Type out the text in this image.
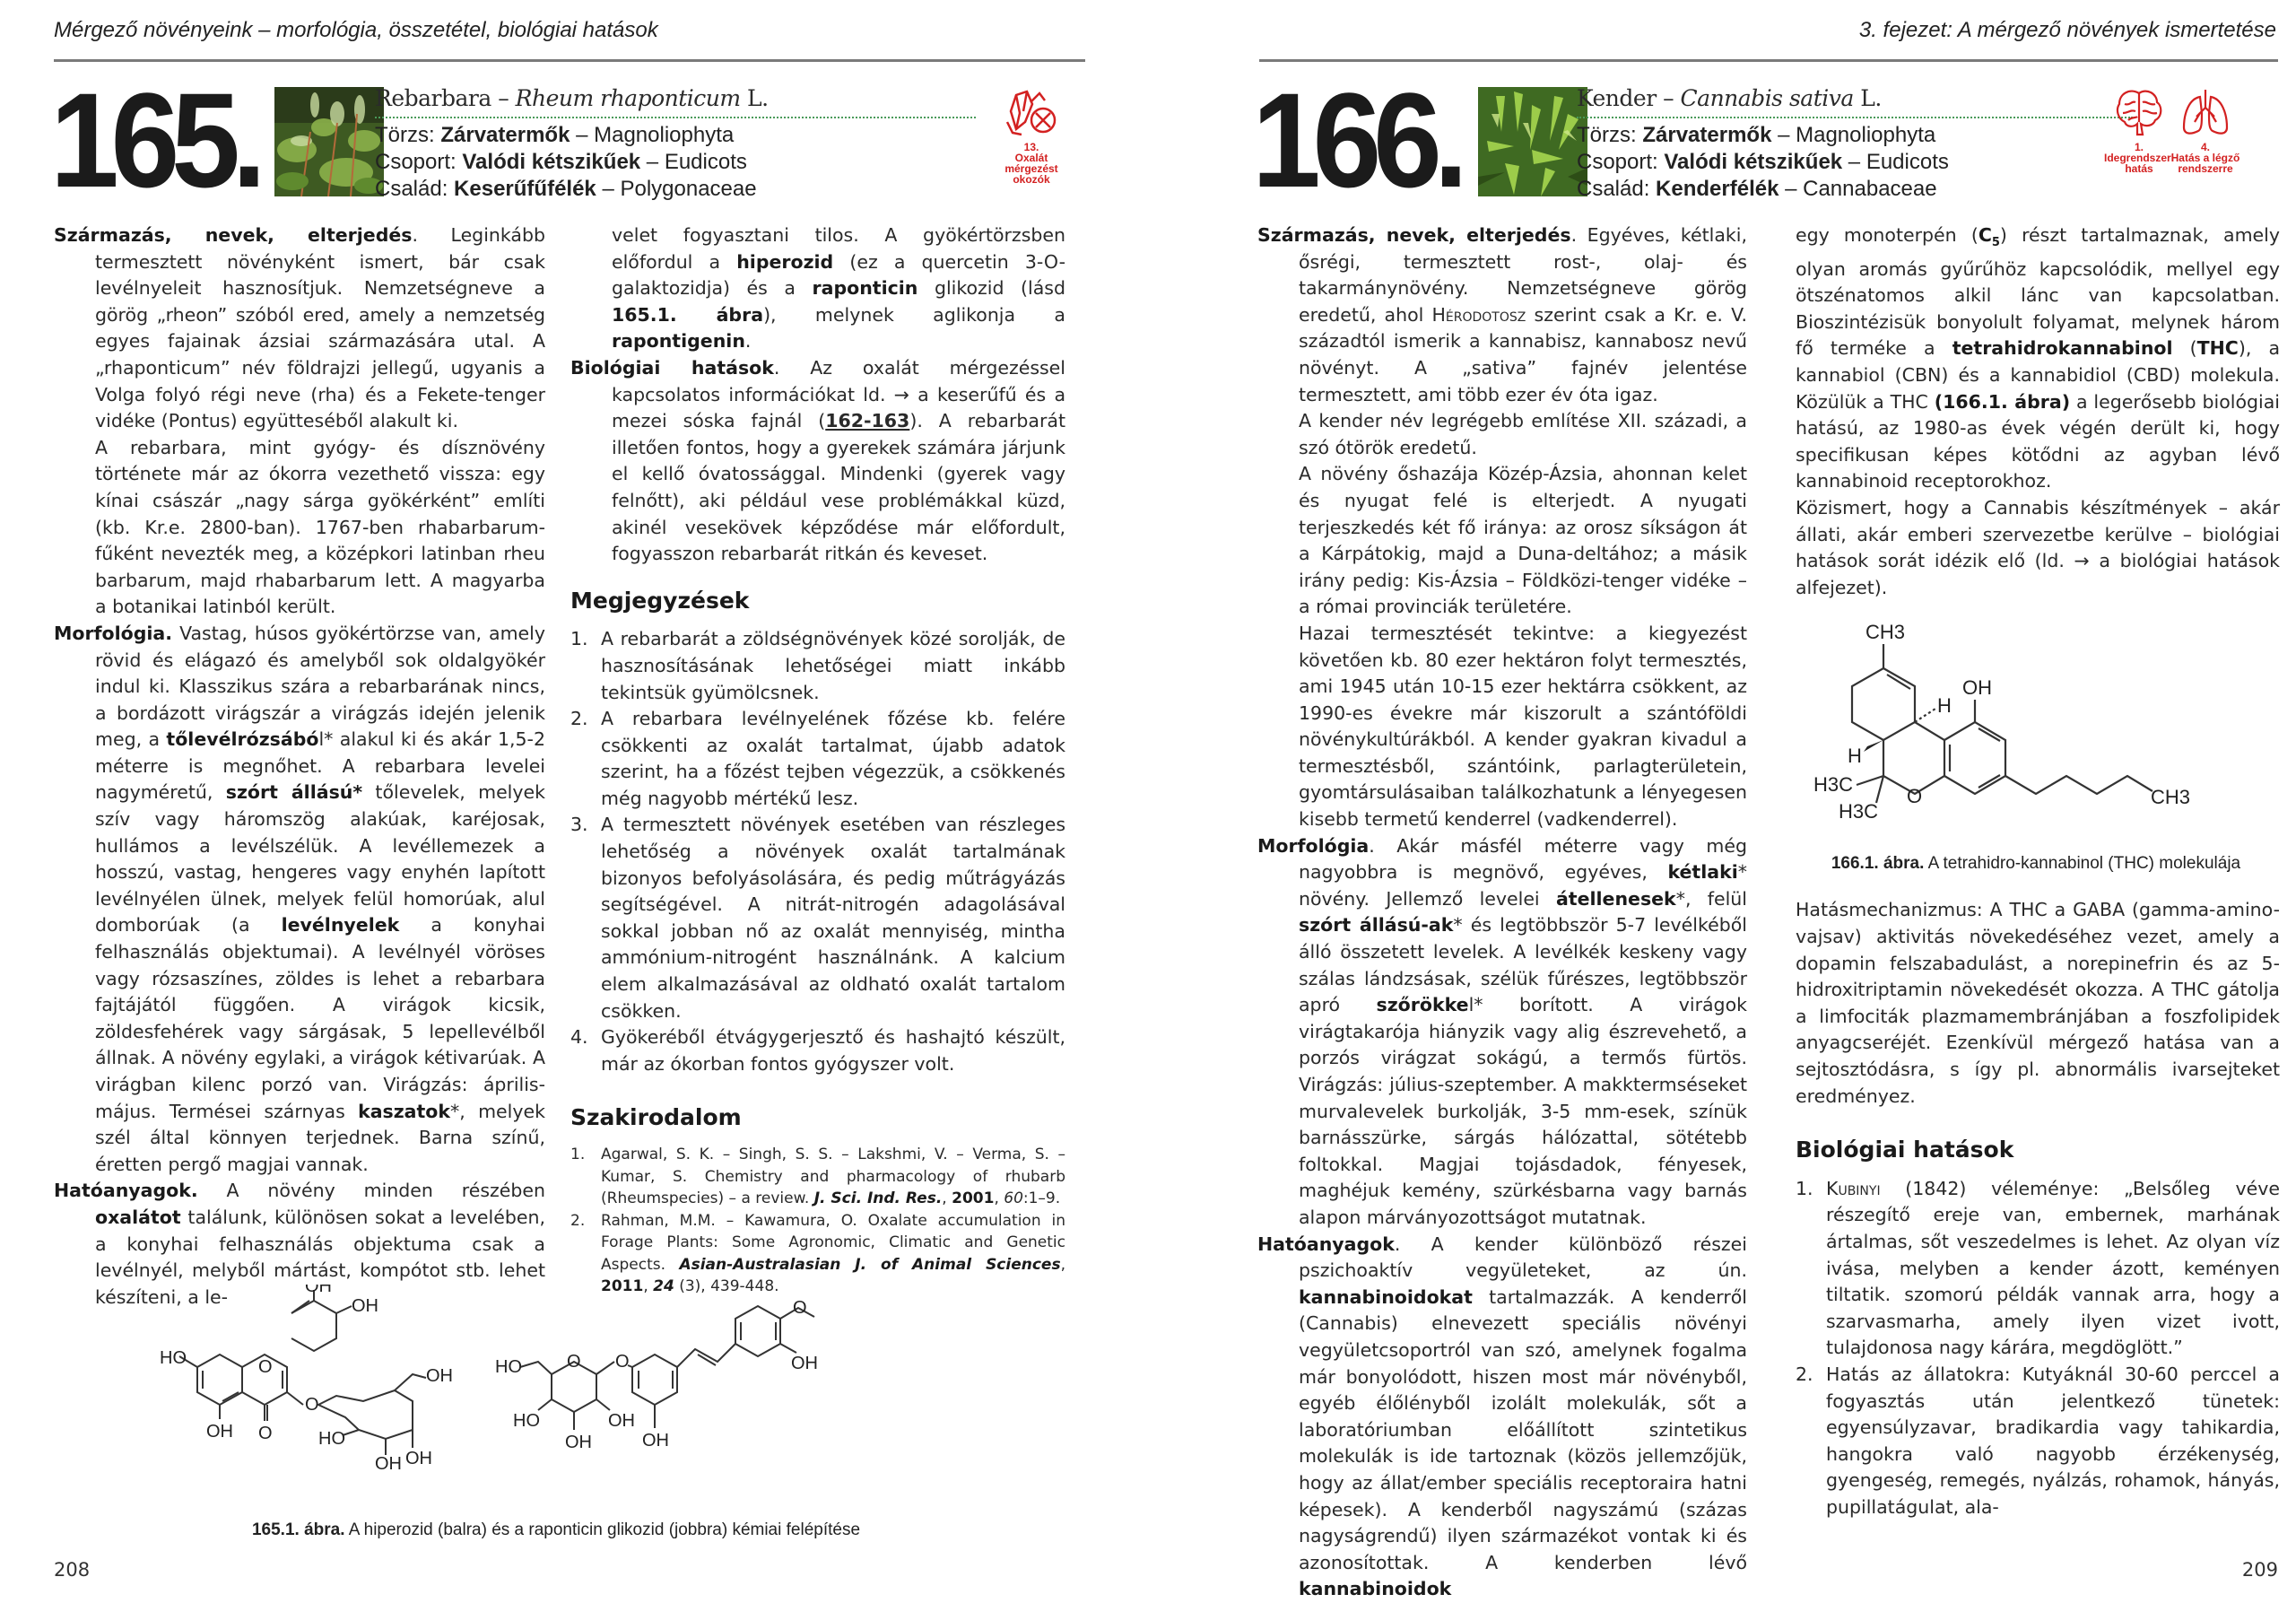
Mérgező növényeink – morfológia, összetétel, biológiai hatások
165.	Rebarbara – Rheum rhaponticum L.
Törzs: Zárvatermők – Magnoliophyta
Csoport: Valódi kétszikűek – Eudicots
Család: Keserűfűfélék – Polygonaceae
13.
Oxalát mérgezést okozók

Származás, nevek, elterjedés. Leginkább termesztett növényként ismert, bár csak levélnyeleit hasznosítjuk. Nemzetségneve a görög „rheon” szóból ered, amely a nemzetség egyes fajainak ázsiai származására utal. A „rhaponticum” név földrajzi jellegű, ugyanis a Volga folyó régi neve (rha) és a Fekete-tenger vidéke (Pontus) együtteséből alakult ki.

A rebarbara, mint gyógy- és dísznövény története már az ókorra vezethető vissza: egy kínai császár „nagy sárga gyökérként” említi (kb. Kr.e. 2800-ban). 1767-ben rhabarbarum-fűként nevezték meg, a középkori latinban rheu barbarum, majd rhabarbarum lett. A magyarba a botanikai latinból került.

Morfológia. Vastag, húsos gyökértörzse van, amely rövid és elágazó és amelyből sok oldalgyökér indul ki. Klasszikus szára a rebarbarának nincs, a bordázott virágszár a virágzás idején jelenik meg, a tőlevélrózsából* alakul ki és akár 1,5-2 méterre is megnőhet. A rebarbara levelei nagyméretű, szórt állású* tőlevelek, melyek szív vagy háromszög alakúak, karéjosak, hullámos a levélszélük. A levéllemezek a hosszú, vastag, hengeres vagy enyhén lapított levélnyélen ülnek, melyek felül homorúak, alul domborúak (a levélnyelek a konyhai felhasználás objektumai). A levélnyél vöröses vagy rózsaszínes, zöldes is lehet a rebarbara fajtájától függően. A virágok kicsik, zöldesfehérek vagy sárgásak, 5 lepellevélből állnak. A növény egylaki, a virágok kétivarúak. A virágban kilenc porzó van. Virágzás: április-május. Termései szárnyas kaszatok*, melyek szél által könnyen terjednek. Barna színű, éretten pergő magjai vannak.

Hatóanyagok. A növény minden részében oxalátot találunk, különösen sokat a levelében, a konyhai felhasználás objektuma csak a levélnyél, melyből mártást, kompótot stb. lehet készíteni, a le-

velet fogyasztani tilos. A gyökértörzsben előfordul a hiperozid (ez a quercetin 3-O-galaktozidja) és a raponticin glikozid (lásd 165.1. ábra), melynek aglikonja a rapontigenin.

Biológiai hatások. Az oxalát mérgezéssel kapcsolatos információkat ld. → a keserűfű és a mezei sóska fajnál (162-163). A rebarbarát illetően fontos, hogy a gyerekek számára járjunk el kellő óvatossággal. Mindenki (gyerek vagy felnőtt), aki például vese problémákkal küzd, akinél vesekövek képződése már előfordult, fogyasszon rebarbarát ritkán és keveset.

Megjegyzések
1. A rebarbarát a zöldségnövények közé sorolják, de hasznosításának lehetőségei miatt inkább tekintsük gyümölcsnek.
2. A rebarbara levélnyelének főzése kb. felére csökkenti az oxalát tartalmat, újabb adatok szerint, ha a főzést tejben végezzük, a csökkenés még nagyobb mértékű lesz.
3. A termesztett növények esetében van részleges lehetőség a növények oxalát tartalmának bizonyos befolyásolására, és pedig műtrágyázás segítségével. A nitrát-nitrogén adagolásával sokkal jobban nő az oxalát mennyiség, mintha ammónium-nitrogént használnánk. A kalcium elem alkalmazásával az oldható oxalát tartalom csökken.
4. Gyökeréből étvágygerjesztő és hashajtó készült, már az ókorban fontos gyógyszer volt.
Szakirodalom
1. Agarwal, S. K. – Singh, S. S. – Lakshmi, V. – Verma, S. – Kumar, S. Chemistry and pharmacology of rhubarb (Rheumspecies) – a review. J. Sci. Ind. Res., 2001, 60:1–9.
2. Rahman, M.M. – Kawamura, O. Oxalate accumulation in Forage Plants: Some Agronomic, Climatic and Genetic Aspects. Asian-Australasian J. of Animal Sciences, 2011, 24 (3), 439-448.
HO
OH O
O
OH
OH
O
OH
HO
OH OH
HO
HO
OH
OH
O O
OH
OH
O
165.1. ábra. A hiperozid (balra) és a raponticin glikozid (jobbra) kémiai felépítése
208
3. fejezet: A mérgező növények ismertetése
166.	Kender – Cannabis sativa L.
Törzs: Zárvatermők – Magnoliophyta
Csoport: Valódi kétszikűek – Eudicots
Család: Kenderfélék – Cannabaceae
1.
Idegrendszeri hatás
4.
Hatás a légző rendszerre

Származás, nevek, elterjedés. Egyéves, kétlaki, ősrégi, termesztett rost-, olaj- és takarmánynövény. Nemzetségneve görög eredetű, ahol Hérodotosz szerint csak a Kr. e. V. századtól ismerik a kannabisz, kannabosz nevű növényt. A „sativa” fajnév jelentése termesztett, ami több ezer év óta igaz.

A kender név legrégebb említése XII. századi, a szó ótörök eredetű.

A növény őshazája Közép-Ázsia, ahonnan kelet és nyugat felé is elterjedt. A nyugati terjeszkedés két fő iránya: az orosz síkságon át a Kárpátokig, majd a Duna-deltához; a másik irány pedig: Kis-Ázsia – Földközi-tenger vidéke – a római provinciák területére.

Hazai termesztését tekintve: a kiegyezést követően kb. 80 ezer hektáron folyt termesztés, ami 1945 után 10-15 ezer hektárra csökkent, az 1990-es évekre már kiszorult a szántóföldi növénykultúrákból. A kender gyakran kivadul a termesztésből, szántóink, parlagterületein, gyomtársulásaiban találkozhatunk a lényegesen kisebb termetű kenderrel (vadkenderrel).

Morfológia. Akár másfél méterre vagy még nagyobbra is megnövő, egyéves, kétlaki* növény. Jellemző levelei átellenesek*, felül szórt állású-ak* és legtöbbször 5-7 levélkéből álló összetett levelek. A levélkék keskeny vagy szálas lándzsásak, szélük fűrészes, legtöbbször apró szőrökkel* borított. A virágok virágtakarója hiányzik vagy alig észrevehető, a porzós virágzat sokágú, a termős fürtös. Virágzás: július-szeptember. A makktermséseket murvalevelek burkolják, 3-5 mm-esek, színük barnásszürke, sárgás hálózattal, sötétebb foltokkal. Magjai tojásdadok, fényesek, maghéjuk kemény, szürkésbarna vagy barnás alapon márványozottságot mutatnak.

Hatóanyagok. A kender különböző részei pszichoaktív vegyületeket, az ún. kannabinoidokat tartalmazzák. A kenderről (Cannabis) elnevezett speciális növényi vegyületcsoportról van szó, amelynek fogalma már bonyolódott, hiszen most már növényből, egyéb élőlényből izolált molekulák, sőt a laboratóriumban előállított szintetikus molekulák is ide tartoznak (közös jellemzőjük, hogy az állat/ember speciális receptoraira hatni képesek). A kenderből nagyszámú (százas nagyságrendű) ilyen származékot vontak ki és azonosítottak. A kenderben lévő kannabinoidok

egy monoterpén $(C_5)$ részt tartalmaznak, amely olyan aromás gyűrűhöz kapcsolódik, mellyel egy ötszénatomos alkil lánc van kapcsolatban. Bioszintézisük bonyolult folyamat, melynek három fő terméke a tetrahidrokannabinol (THC), a kannabiol (CBN) és a kannabidiol (CBD) molekula. Közülük a THC (166.1. ábra) a legerősebb biológiai hatású, az 1980-as évek végén derült ki, hogy specifikusan képes kötődni az agyban lévő kannabinoid receptorokhoz.

Közismert, hogy a Cannabis készítmények – akár állati, akár emberi szervezetbe kerülve – biológiai hatások sorát idézik elő (ld. → a biológiai hatások alfejezet).

Hatásmechanizmus: A THC a GABA (gamma-amino-vajsav) aktivitás növekedéséhez vezet, amely a dopamin felszabadulást, a norepinefrin és az 5-hidroxitriptamin növekedését okozza. A THC gátolja a limfociták plazmamembránjában a foszfolipidek anyagcseréjét. Ezenkívül mérgező hatása van a sejtosztódásra, s így pl. abnormális ivarsejteket eredményez.

Biológiai hatások
1. Kubinyi (1842) véleménye: „Belsőleg véve részegítő ereje van, embernek, marhának ártalmas, sőt veszedelmes is lehet. Az olyan víz ivása, melyben a kender ázott, keményen tiltatik. szomorú példák vannak arra, hogy a szarvasmarha, amely ilyen vizet ivott, tulajdonosa nagy kárára, megdöglött.”
2. Hatás az állatokra: Kutyáknál 30-60 perccel a fogyasztás után jelentkező tünetek: egyensúlyzavar, bradikardia vagy tahikardia, hangokra való nagyobb érzékenység, gyengeség, remegés, nyálzás, rohamok, hányás, pupillatágulat, ala-
CH3
OH
H
H
O
H3C
H3C
CH3
166.1. ábra. A tetrahidro-kannabinol (THC) molekulája
209
